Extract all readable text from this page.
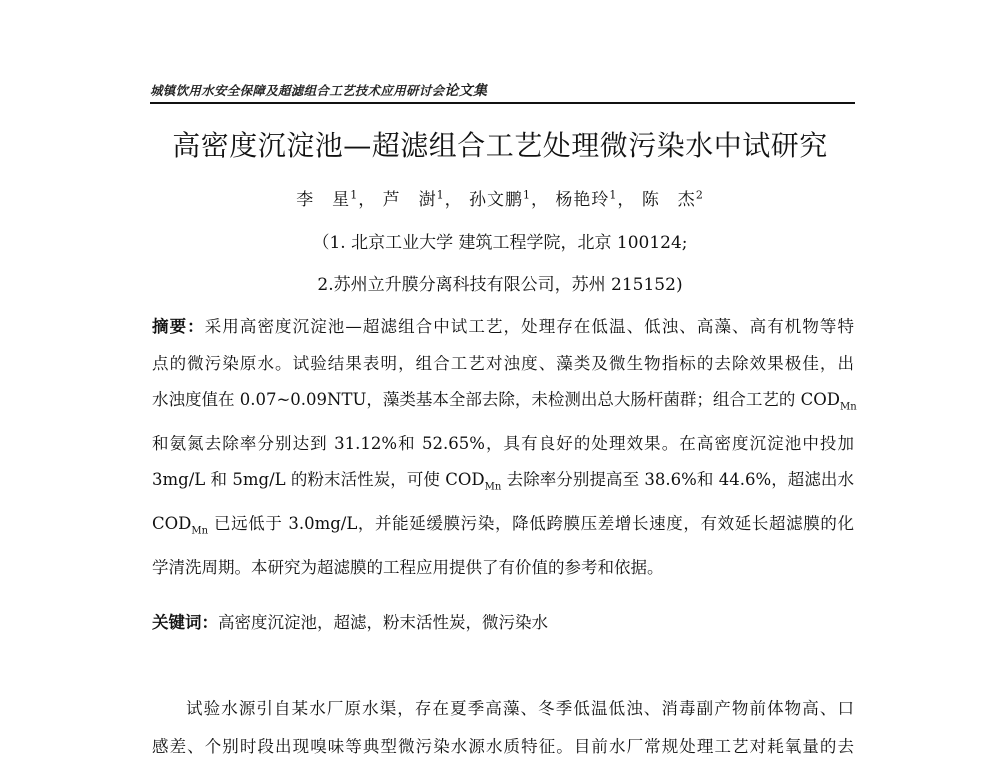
城镇饮用水安全保障及超滤组合工艺技术应用研讨会论文集
高密度沉淀池—超滤组合工艺处理微污染水中试研究
李　星$^1$， 芦　澍$^1$， 孙文鹏$^1$， 杨艳玲$^1$， 陈　杰$^2$
（1. 北京工业大学 建筑工程学院，北京 100124;
2.苏州立升膜分离科技有限公司，苏州 215152)
摘要：采用高密度沉淀池—超滤组合中试工艺，处理存在低温、低浊、高藻、高有机物等特
点的微污染原水。试验结果表明，组合工艺对浊度、藻类及微生物指标的去除效果极佳，出
水浊度值在 0.07~0.09NTU，藻类基本全部去除，未检测出总大肠杆菌群；组合工艺的 $COD_{Mn}$
和氨氮去除率分别达到 31.12%和 52.65%，具有良好的处理效果。在高密度沉淀池中投加
3mg/L 和 5mg/L 的粉末活性炭，可使 $COD_{Mn}$ 去除率分别提高至 38.6%和 44.6%，超滤出水
$COD_{Mn}$ 已远低于 3.0mg/L，并能延缓膜污染，降低跨膜压差增长速度，有效延长超滤膜的化
学清洗周期。本研究为超滤膜的工程应用提供了有价值的参考和依据。
关键词：高密度沉淀池，超滤，粉末活性炭，微污染水
试验水源引自某水厂原水渠，存在夏季高藻、冬季低温低浊、消毒副产物前体物高、口
感差、个别时段出现嗅味等典型微污染水源水质特征。目前水厂常规处理工艺对耗氧量的去
